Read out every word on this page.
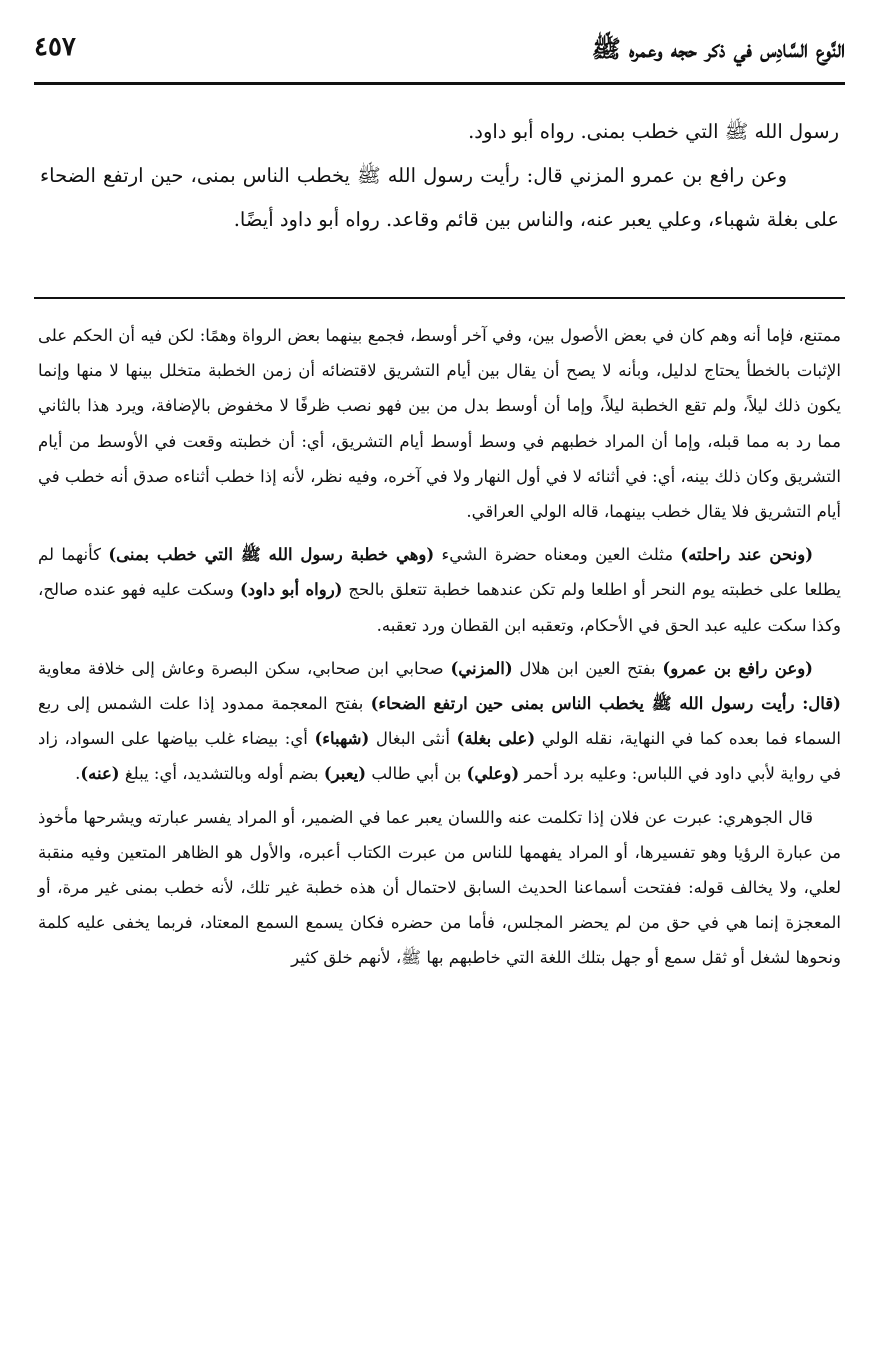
النَّوع السَّادِس في ذكر حجه وعمره ﷺ
٤٥٧

رسول الله ﷺ التي خطب بمنى. رواه أبو داود.

وعن رافع بن عمرو المزني قال: رأيت رسول الله ﷺ يخطب الناس بمنى، حين ارتفع الضحاء على بغلة شهباء، وعلي يعبر عنه، والناس بين قائم وقاعد. رواه أبو داود أيضًا.

ممتنع، فإما أنه وهم كان في بعض الأصول بين، وفي آخر أوسط، فجمع بينهما بعض الرواة وهمًا: لكن فيه أن الحكم على الإثبات بالخطأ يحتاج لدليل، وبأنه لا يصح أن يقال بين أيام التشريق لاقتضائه أن زمن الخطبة متخلل بينها لا منها وإنما يكون ذلك ليلاً، ولم تقع الخطبة ليلاً، وإما أن أوسط بدل من بين فهو نصب ظرفًا لا مخفوض بالإضافة، ويرد هذا بالثاني مما رد به مما قبله، وإما أن المراد خطبهم في وسط أوسط أيام التشريق، أي: أن خطبته وقعت في الأوسط من أيام التشريق وكان ذلك بينه، أي: في أثنائه لا في أول النهار ولا في آخره، وفيه نظر، لأنه إذا خطب أثناءه صدق أنه خطب في أيام التشريق فلا يقال خطب بينهما، قاله الولي العراقي.

(ونحن عند راحلته) مثلث العين ومعناه حضرة الشيء (وهي خطبة رسول الله ﷺ التي خطب بمنى) كأنهما لم يطلعا على خطبته يوم النحر أو اطلعا ولم تكن عندهما خطبة تتعلق بالحج (رواه أبو داود) وسكت عليه فهو عنده صالح، وكذا سكت عليه عبد الحق في الأحكام، وتعقبه ابن القطان ورد تعقبه.

(وعن رافع بن عمرو) بفتح العين ابن هلال (المزني) صحابي ابن صحابي، سكن البصرة وعاش إلى خلافة معاوية (قال: رأيت رسول الله ﷺ يخطب الناس بمنى حين ارتفع الضحاء) بفتح المعجمة ممدود إذا علت الشمس إلى ربع السماء فما بعده كما في النهاية، نقله الولي (على بغلة) أنثى البغال (شهباء) أي: بيضاء غلب بياضها على السواد، زاد في رواية لأبي داود في اللباس: وعليه برد أحمر (وعلي) بن أبي طالب (يعبر) بضم أوله وبالتشديد، أي: يبلغ (عنه).

قال الجوهري: عبرت عن فلان إذا تكلمت عنه واللسان يعبر عما في الضمير، أو المراد يفسر عبارته ويشرحها مأخوذ من عبارة الرؤيا وهو تفسيرها، أو المراد يفهمها للناس من عبرت الكتاب أعبره، والأول هو الظاهر المتعين وفيه منقبة لعلي، ولا يخالف قوله: ففتحت أسماعنا الحديث السابق لاحتمال أن هذه خطبة غير تلك، لأنه خطب بمنى غير مرة، أو المعجزة إنما هي في حق من لم يحضر المجلس، فأما من حضره فكان يسمع السمع المعتاد، فربما يخفى عليه كلمة ونحوها لشغل أو ثقل سمع أو جهل بتلك اللغة التي خاطبهم بها ﷺ، لأنهم خلق كثير
